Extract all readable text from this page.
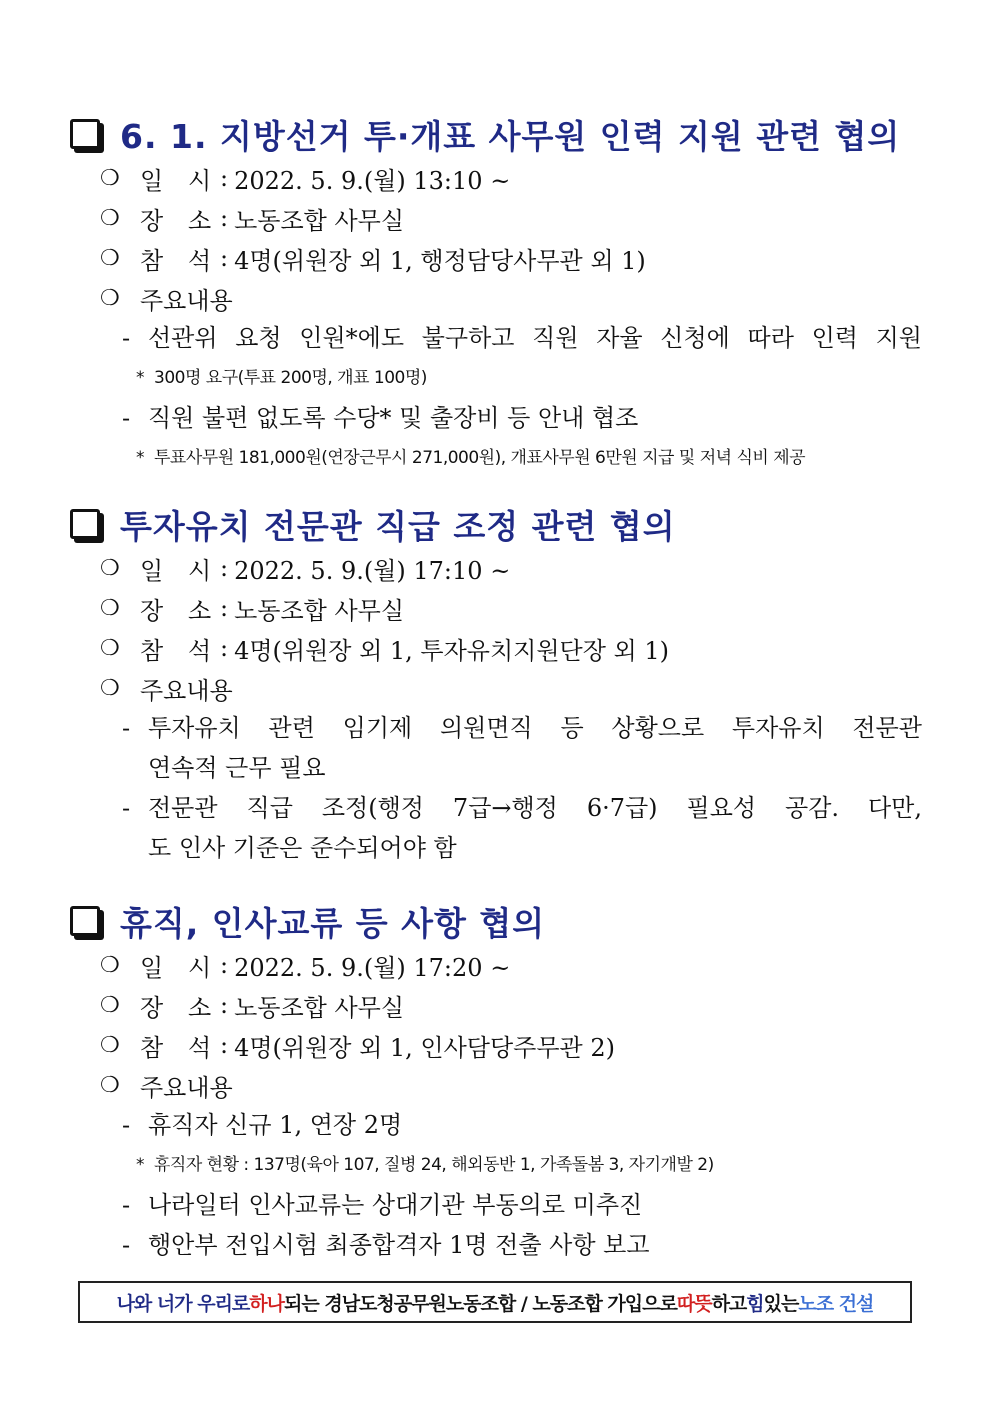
6. 1. 지방선거 투·개표 사무원 인력 지원 관련 협의
❍ 일	시 : 2022. 5. 9.(월) 13:10 ~
❍ 장	소 : 노동조합 사무실
❍ 참	석 : 4명(위원장 외 1, 행정담당사무관 외 1)
❍ 주요내용
- 선관위 요청 인원*에도 불구하고 직원 자율 신청에 따라 인력 지원
* 300명 요구(투표 200명, 개표 100명)
- 직원 불편 없도록 수당* 및 출장비 등 안내 협조
* 투표사무원 181,000원(연장근무시 271,000원), 개표사무원 6만원 지급 및 저녁 식비 제공
투자유치 전문관 직급 조정 관련 협의
❍ 일	시 : 2022. 5. 9.(월) 17:10 ~
❍ 장	소 : 노동조합 사무실
❍ 참	석 : 4명(위원장 외 1, 투자유치지원단장 외 1)
❍ 주요내용
- 투자유치 관련 임기제 의원면직 등 상황으로 투자유치 전문관
연속적 근무 필요
- 전문관 직급 조정(행정 7급→행정 6·7급) 필요성 공감. 다만,
도 인사 기준은 준수되어야 함
휴직, 인사교류 등 사항 협의
❍ 일	시 : 2022. 5. 9.(월) 17:20 ~
❍ 장	소 : 노동조합 사무실
❍ 참	석 : 4명(위원장 외 1, 인사담당주무관 2)
❍ 주요내용
- 휴직자 신규 1, 연장 2명
* 휴직자 현황 : 137명(육아 107, 질병 24, 해외동반 1, 가족돌봄 3, 자기개발 2)
- 나라일터 인사교류는 상대기관 부동의로 미추진
- 행안부 전입시험 최종합격자 1명 전출 사항 보고
나와 너가 우리로 하나 되는 경남도청공무원노동조합 / 노동조합 가입으로 따뜻 하고 힘 있는 노조 건설
